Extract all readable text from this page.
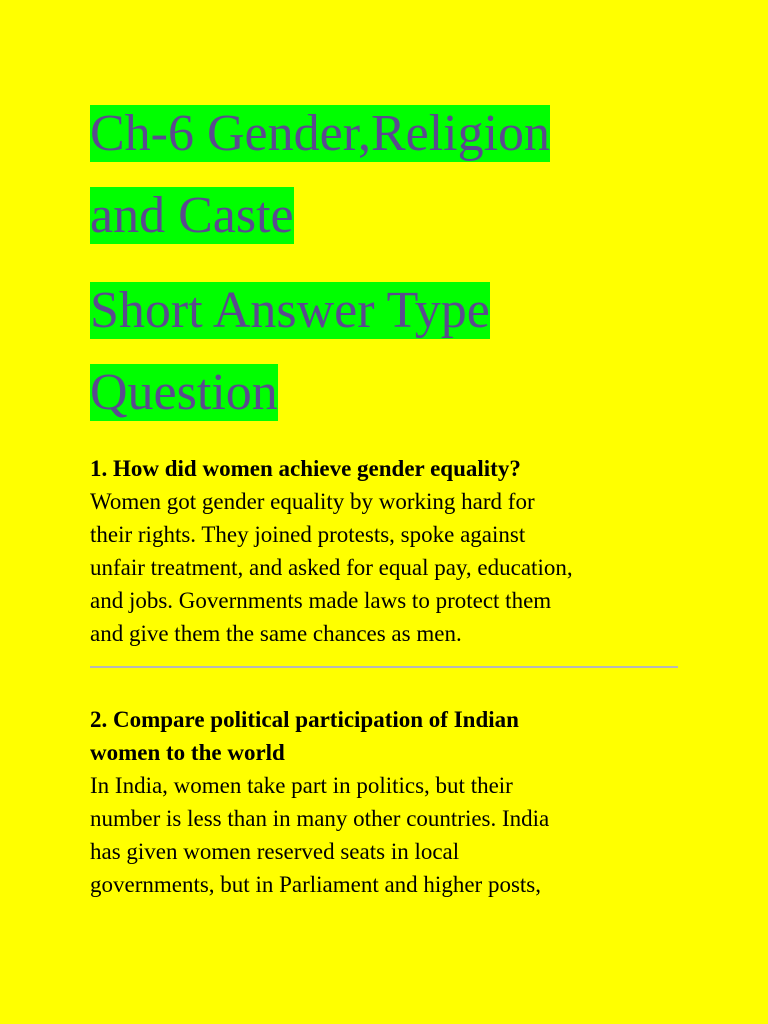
Ch-6 Gender,Religion
and Caste
Short Answer Type
Question
1. How did women achieve gender equality?
Women got gender equality by working hard for
their rights. They joined protests, spoke against
unfair treatment, and asked for equal pay, education,
and jobs. Governments made laws to protect them
and give them the same chances as men.
2. Compare political participation of Indian
women to the world
In India, women take part in politics, but their
number is less than in many other countries. India
has given women reserved seats in local
governments, but in Parliament and higher posts,
